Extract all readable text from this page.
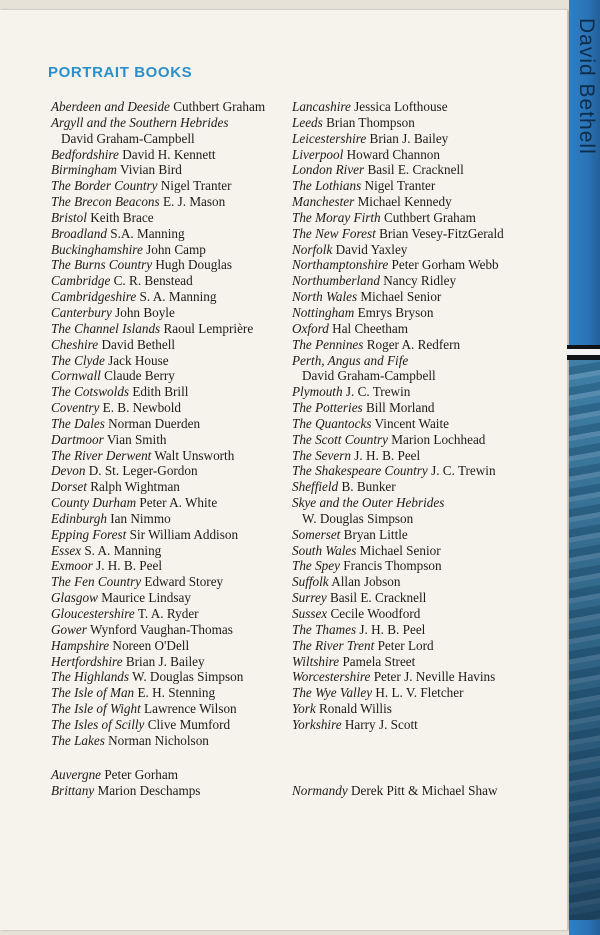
David Bethell
PORTRAIT BOOKS
Aberdeen and Deeside Cuthbert Graham
Argyll and the Southern Hebrides
David Graham-Campbell
Bedfordshire David H. Kennett
Birmingham Vivian Bird
The Border Country Nigel Tranter
The Brecon Beacons E. J. Mason
Bristol Keith Brace
Broadland S.A. Manning
Buckinghamshire John Camp
The Burns Country Hugh Douglas
Cambridge C. R. Benstead
Cambridgeshire S. A. Manning
Canterbury John Boyle
The Channel Islands Raoul Lemprière
Cheshire David Bethell
The Clyde Jack House
Cornwall Claude Berry
The Cotswolds Edith Brill
Coventry E. B. Newbold
The Dales Norman Duerden
Dartmoor Vian Smith
The River Derwent Walt Unsworth
Devon D. St. Leger-Gordon
Dorset Ralph Wightman
County Durham Peter A. White
Edinburgh Ian Nimmo
Epping Forest Sir William Addison
Essex S. A. Manning
Exmoor J. H. B. Peel
The Fen Country Edward Storey
Glasgow Maurice Lindsay
Gloucestershire T. A. Ryder
Gower Wynford Vaughan-Thomas
Hampshire Noreen O'Dell
Hertfordshire Brian J. Bailey
The Highlands W. Douglas Simpson
The Isle of Man E. H. Stenning
The Isle of Wight Lawrence Wilson
The Isles of Scilly Clive Mumford
The Lakes Norman Nicholson
Lancashire Jessica Lofthouse
Leeds Brian Thompson
Leicestershire Brian J. Bailey
Liverpool Howard Channon
London River Basil E. Cracknell
The Lothians Nigel Tranter
Manchester Michael Kennedy
The Moray Firth Cuthbert Graham
The New Forest Brian Vesey-FitzGerald
Norfolk David Yaxley
Northamptonshire Peter Gorham Webb
Northumberland Nancy Ridley
North Wales Michael Senior
Nottingham Emrys Bryson
Oxford Hal Cheetham
The Pennines Roger A. Redfern
Perth, Angus and Fife
David Graham-Campbell
Plymouth J. C. Trewin
The Potteries Bill Morland
The Quantocks Vincent Waite
The Scott Country Marion Lochhead
The Severn J. H. B. Peel
The Shakespeare Country J. C. Trewin
Sheffield B. Bunker
Skye and the Outer Hebrides
W. Douglas Simpson
Somerset Bryan Little
South Wales Michael Senior
The Spey Francis Thompson
Suffolk Allan Jobson
Surrey Basil E. Cracknell
Sussex Cecile Woodford
The Thames J. H. B. Peel
The River Trent Peter Lord
Wiltshire Pamela Street
Worcestershire Peter J. Neville Havins
The Wye Valley H. L. V. Fletcher
York Ronald Willis
Yorkshire Harry J. Scott
Auvergne Peter Gorham
Brittany Marion Deschamps	Normandy Derek Pitt & Michael Shaw
